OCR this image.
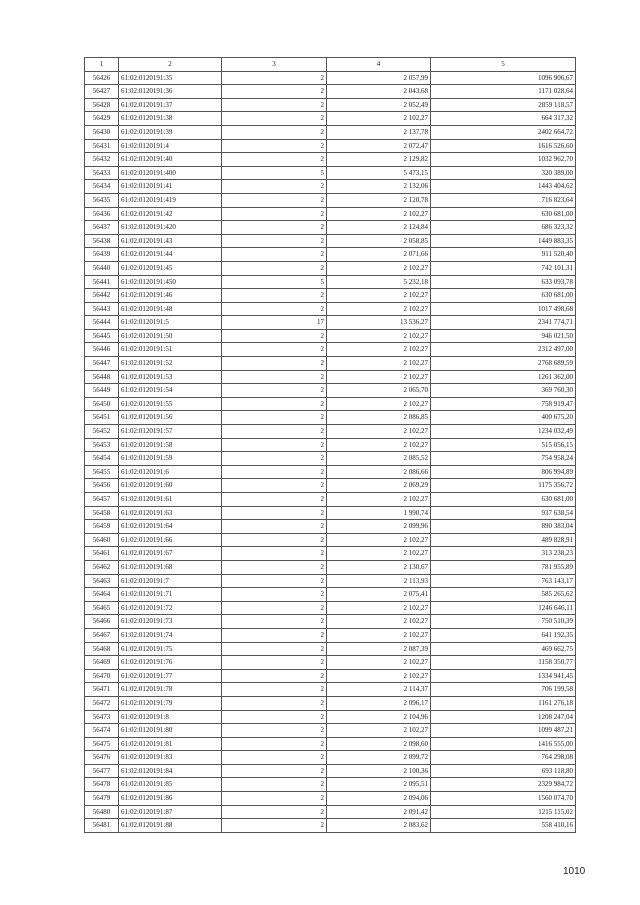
1	2	3	4	5
56426	61:02:0120191:35	2	2 057,99	1096 906,67
56427	61:02:0120191:36	2	2 043,68	1171 028,64
56428	61:02:0120191:37	2	2 052,49	2859 118,57
56429	61:02:0120191:38	2	2 102,27	664 317,32
56430	61:02:0120191:39	2	2 137,78	2402 664,72
56431	61:02:0120191:4	2	2 072,47	1616 526,60
56432	61:02:0120191:40	2	2 129,82	1032 962,70
56433	61:02:0120191:400	5	5 473,15	320 389,00
56434	61:02:0120191:41	2	2 132,06	1443 404,62
56435	61:02:0120191:419	2	2 120,78	716 823,64
56436	61:02:0120191:42	2	2 102,27	630 681,00
56437	61:02:0120191:420	2	2 124,84	686 323,32
56438	61:02:0120191:43	2	2 058,85	1449 883,35
56439	61:02:0120191:44	2	2 071,66	911 520,40
56440	61:02:0120191:45	2	2 102,27	742 101,31
56441	61:02:0120191:450	5	5 232,18	633 093,78
56442	61:02:0120191:46	2	2 102,27	630 681,00
56443	61:02:0120191:48	2	2 102,27	1017 498,68
56444	61:02:0120191:5	17	13 536,27	2341 774,71
56445	61:02:0120191:50	2	2 102,27	946 021,50
56446	61:02:0120191:51	2	2 102,27	2312 497,00
56447	61:02:0120191:52	2	2 102,27	2768 689,59
56448	61:02:0120191:53	2	2 102,27	1261 362,00
56449	61:02:0120191:54	2	2 065,70	369 760,30
56450	61:02:0120191:55	2	2 102,27	758 919,47
56451	61:02:0120191:56	2	2 086,85	400 675,20
56452	61:02:0120191:57	2	2 102,27	1234 032,49
56453	61:02:0120191:58	2	2 102,27	515 056,15
56454	61:02:0120191:59	2	2 085,52	754 958,24
56455	61:02:0120191:6	2	2 086,66	806 994,89
56456	61:02:0120191:60	2	2 069,29	1175 356,72
56457	61:02:0120191:61	2	2 102,27	630 681,00
56458	61:02:0120191:63	2	1 990,74	937 638,54
56459	61:02:0120191:64	2	2 099,96	890 383,04
56460	61:02:0120191:66	2	2 102,27	489 828,91
56461	61:02:0120191:67	2	2 102,27	313 238,23
56462	61:02:0120191:68	2	2 130,67	781 955,89
56463	61:02:0120191:7	2	2 113,93	763 143,17
56464	61:02:0120191:71	2	2 075,41	585 265,62
56465	61:02:0120191:72	2	2 102,27	1246 646,11
56466	61:02:0120191:73	2	2 102,27	750 510,39
56467	61:02:0120191:74	2	2 102,27	641 192,35
56468	61:02:0120191:75	2	2 087,39	469 662,75
56469	61:02:0120191:76	2	2 102,27	1158 350,77
56470	61:02:0120191:77	2	2 102,27	1334 941,45
56471	61:02:0120191:78	2	2 114,37	706 199,58
56472	61:02:0120191:79	2	2 096,17	1161 276,18
56473	61:02:0120191:8	2	2 104,96	1208 247,04
56474	61:02:0120191:80	2	2 102,27	1099 487,21
56475	61:02:0120191:81	2	2 098,60	1416 555,00
56476	61:02:0120191:83	2	2 099,72	764 298,08
56477	61:02:0120191:84	2	2 100,36	693 118,80
56478	61:02:0120191:85	2	2 095,51	2329 984,72
56479	61:02:0120191:86	2	2 094,06	1560 074,70
56480	61:02:0120191:87	2	2 091,42	1215 115,02
56481	61:02:0120191:88	2	2 083,62	558 410,16
1010
